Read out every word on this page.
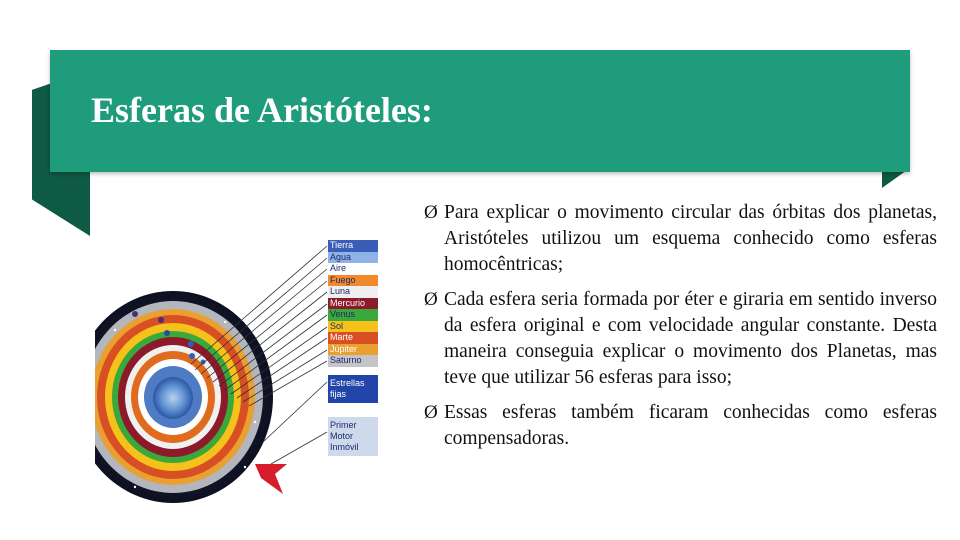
Esferas de Aristóteles:
Tierra
Agua
Aire
Fuego
Luna
Mercurio
Venus
Sol
Marte
Júpiter
Saturno
Estrellas
fijas
Primer
Motor
Inmóvil
Ø Para explicar o movimento circular das órbitas dos planetas, Aristóteles utilizou um esquema conhecido como esferas homocêntricas;
Ø Cada esfera seria formada por éter e giraria em sentido inverso da esfera original e com velocidade angular constante. Desta maneira conseguia explicar o movimento dos Planetas, mas teve que utilizar 56 esferas para isso;
Ø Essas esferas também ficaram conhecidas como esferas compensadoras.
